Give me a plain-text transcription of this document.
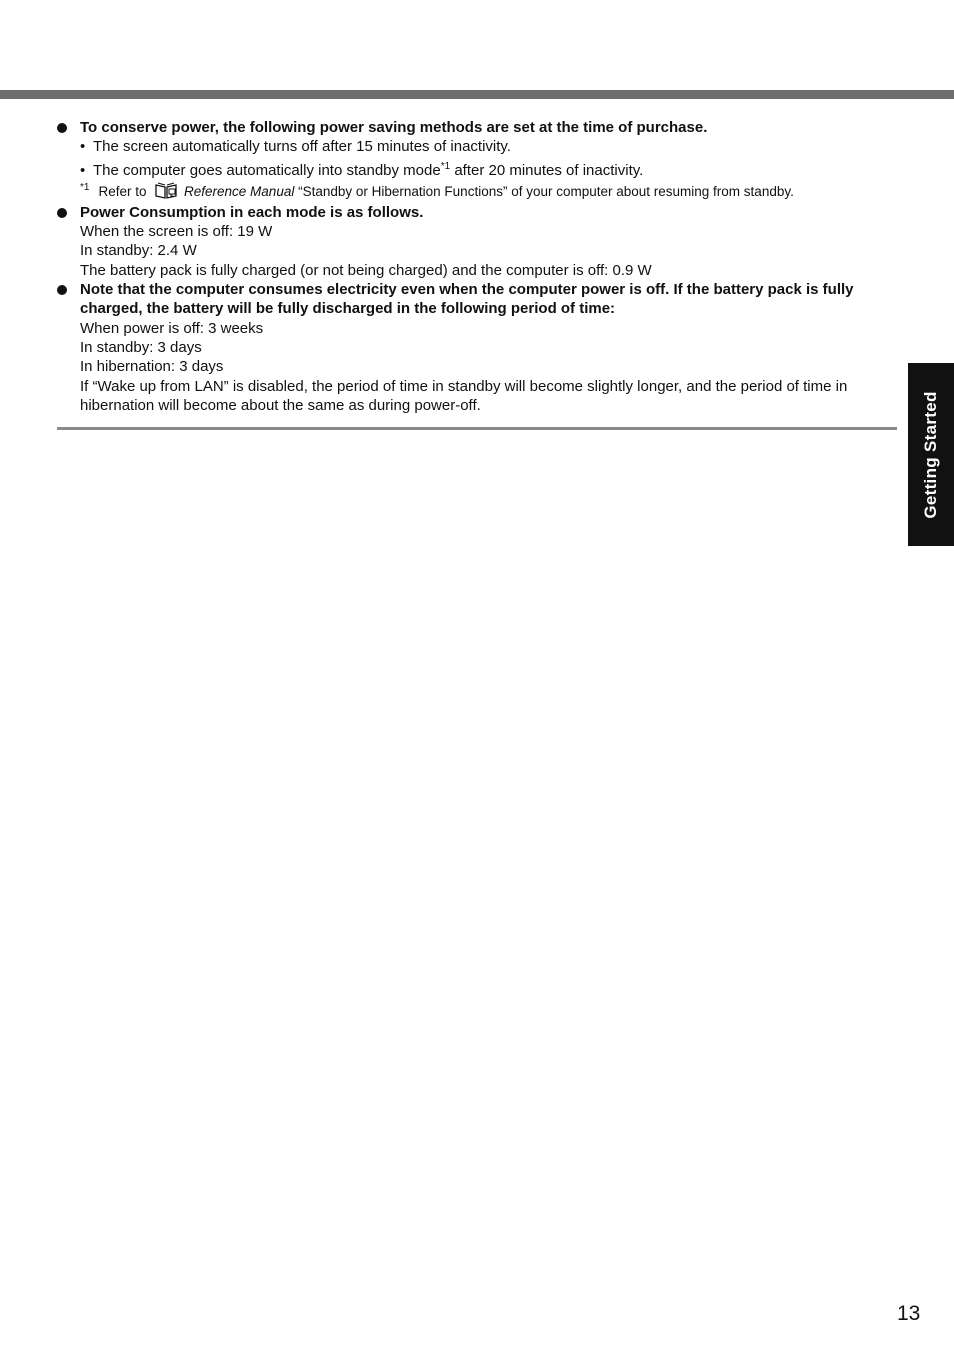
To conserve power, the following power saving methods are set at the time of purchase.
• The screen automatically turns off after 15 minutes of inactivity.
• The computer goes automatically into standby mode$^{*1}$ after 20 minutes of inactivity.
$^{*1}$ Refer to	Reference Manual “Standby or Hibernation Functions” of your computer about resuming from standby.
Power Consumption in each mode is as follows.
When the screen is off: 19 W
In standby: 2.4 W
The battery pack is fully charged (or not being charged) and the computer is off: 0.9 W
Note that the computer consumes electricity even when the computer power is off. If the battery pack is fully charged, the battery will be fully discharged in the following period of time:
When power is off: 3 weeks
In standby: 3 days
In hibernation: 3 days
If “Wake up from LAN” is disabled, the period of time in standby will become slightly longer, and the period of time in hibernation will become about the same as during power-off.	Getting Started
13
